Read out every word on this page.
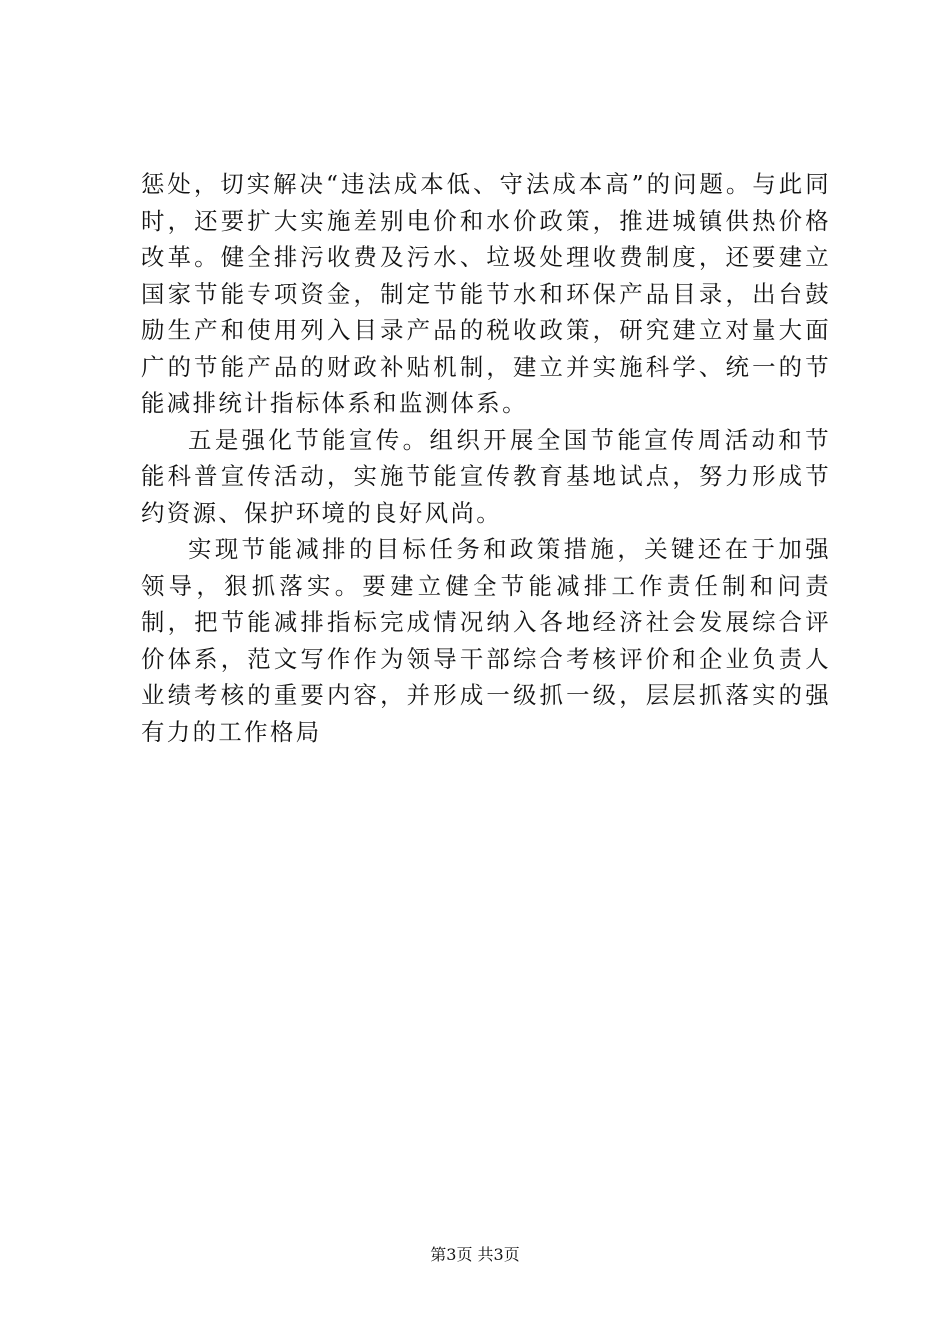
惩处，切实解决“违法成本低、守法成本高”的问题。与此同时，还要扩大实施差别电价和水价政策，推进城镇供热价格改革。健全排污收费及污水、垃圾处理收费制度，还要建立国家节能专项资金，制定节能节水和环保产品目录，出台鼓励生产和使用列入目录产品的税收政策，研究建立对量大面广的节能产品的财政补贴机制，建立并实施科学、统一的节能减排统计指标体系和监测体系。

五是强化节能宣传。组织开展全国节能宣传周活动和节能科普宣传活动，实施节能宣传教育基地试点，努力形成节约资源、保护环境的良好风尚。

实现节能减排的目标任务和政策措施，关键还在于加强领导，狠抓落实。要建立健全节能减排工作责任制和问责制，把节能减排指标完成情况纳入各地经济社会发展综合评价体系，范文写作作为领导干部综合考核评价和企业负责人业绩考核的重要内容，并形成一级抓一级，层层抓落实的强有力的工作格局

第3页 共3页
